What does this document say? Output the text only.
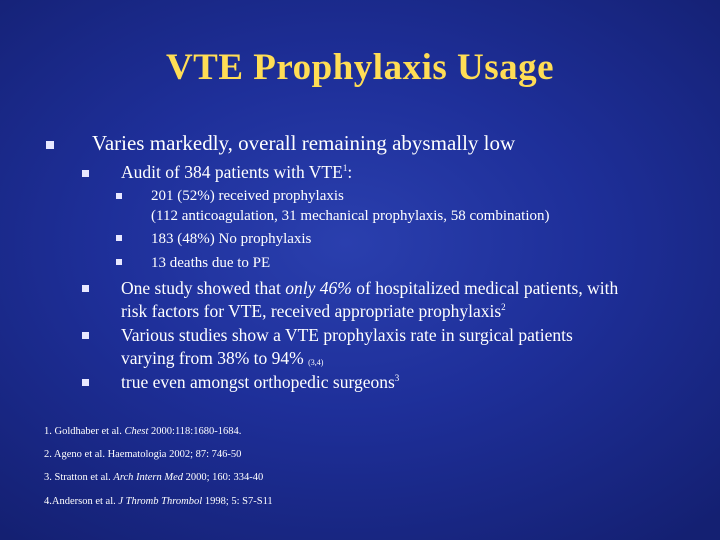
VTE Prophylaxis Usage
Varies markedly, overall remaining abysmally low
Audit of 384 patients with VTE$^1$:
201 (52%) received prophylaxis
(112 anticoagulation, 31 mechanical prophylaxis, 58 combination)
183 (48%) No prophylaxis
13 deaths due to PE
One study showed that only 46% of hospitalized medical patients, with
risk factors for VTE, received appropriate prophylaxis$^2$
Various studies show a VTE prophylaxis rate in surgical patients
varying from 38% to 94% (3,4)
true even amongst orthopedic surgeons$^3$
1. Goldhaber et al. Chest 2000:118:1680-1684.
2. Ageno et al. Haematologia 2002; 87: 746-50
3. Stratton et al. Arch Intern Med 2000; 160: 334-40
4.Anderson et al. J Thromb Thrombol 1998; 5: S7-S11
